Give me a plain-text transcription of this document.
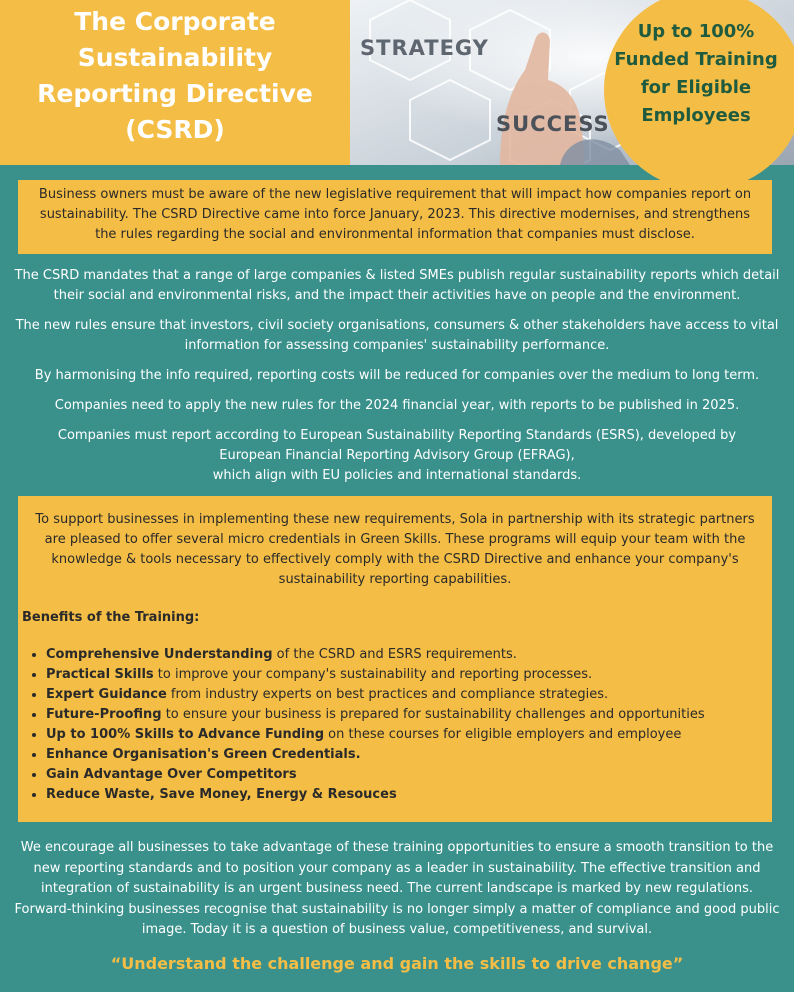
The Corporate
Sustainability
Reporting Directive
(CSRD)
STRATEGY
SUCCESS
Up to 100%
Funded Training
for Eligible
Employees

Business owners must be aware of the new legislative requirement that will impact how companies report on sustainability. The CSRD Directive came into force January, 2023. This directive modernises, and strengthens the rules regarding the social and environmental information that companies must disclose.

The CSRD mandates that a range of large companies & listed SMEs publish regular sustainability reports which detail their social and environmental risks, and the impact their activities have on people and the environment.

The new rules ensure that investors, civil society organisations, consumers & other stakeholders have access to vital information for assessing companies' sustainability performance.

By harmonising the info required, reporting costs will be reduced for companies over the medium to long term.

Companies need to apply the new rules for the 2024 financial year, with reports to be published in 2025.

Companies must report according to European Sustainability Reporting Standards (ESRS), developed by
European Financial Reporting Advisory Group (EFRAG),
which align with EU policies and international standards.

To support businesses in implementing these new requirements, Sola in partnership with its strategic partners are pleased to offer several micro credentials in Green Skills. These programs will equip your team with the knowledge & tools necessary to effectively comply with the CSRD Directive and enhance your company's sustainability reporting capabilities.

Benefits of the Training:
• Comprehensive Understanding of the CSRD and ESRS requirements.
• Practical Skills to improve your company's sustainability and reporting processes.
• Expert Guidance from industry experts on best practices and compliance strategies.
• Future-Proofing to ensure your business is prepared for sustainability challenges and opportunities
• Up to 100% Skills to Advance Funding on these courses for eligible employers and employee
• Enhance Organisation's Green Credentials.
• Gain Advantage Over Competitors
• Reduce Waste, Save Money, Energy & Resouces
We encourage all businesses to take advantage of these training opportunities to ensure a smooth transition to the new reporting standards and to position your company as a leader in sustainability. The effective transition and integration of sustainability is an urgent business need. The current landscape is marked by new regulations. Forward-thinking businesses recognise that sustainability is no longer simply a matter of compliance and good public image. Today it is a question of business value, competitiveness, and survival.
“Understand the challenge and gain the skills to drive change”
